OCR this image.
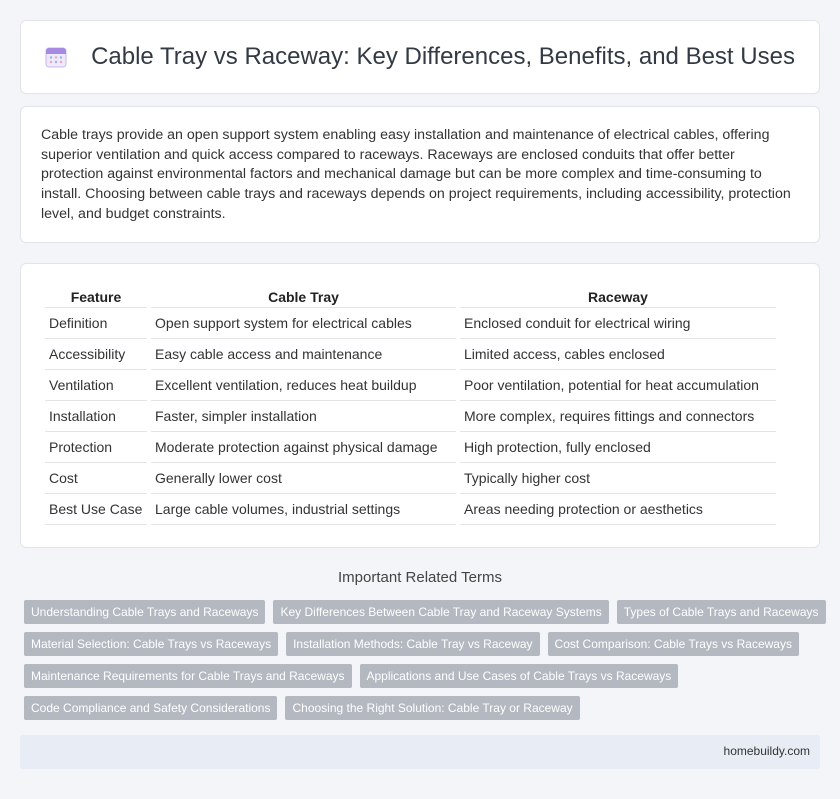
Cable Tray vs Raceway: Key Differences, Benefits, and Best Uses

Cable trays provide an open support system enabling easy installation and maintenance of electrical cables, offering superior ventilation and quick access compared to raceways. Raceways are enclosed conduits that offer better protection against environmental factors and mechanical damage but can be more complex and time-consuming to install. Choosing between cable trays and raceways depends on project requirements, including accessibility, protection level, and budget constraints.

Feature		Cable Tray		Raceway
Definition		Open support system for electrical cables		Enclosed conduit for electrical wiring
Accessibility		Easy cable access and maintenance		Limited access, cables enclosed
Ventilation		Excellent ventilation, reduces heat buildup		Poor ventilation, potential for heat accumulation
Installation		Faster, simpler installation		More complex, requires fittings and connectors
Protection		Moderate protection against physical damage		High protection, fully enclosed
Cost		Generally lower cost		Typically higher cost
Best Use Case		Large cable volumes, industrial settings		Areas needing protection or aesthetics
Important Related Terms
Understanding Cable Trays and Raceways	Key Differences Between Cable Tray and Raceway Systems	Types of Cable Trays and Raceways
Material Selection: Cable Trays vs Raceways	Installation Methods: Cable Tray vs Raceway	Cost Comparison: Cable Trays vs Raceways
Maintenance Requirements for Cable Trays and Raceways	Applications and Use Cases of Cable Trays vs Raceways
Code Compliance and Safety Considerations	Choosing the Right Solution: Cable Tray or Raceway
homebuildy.com
